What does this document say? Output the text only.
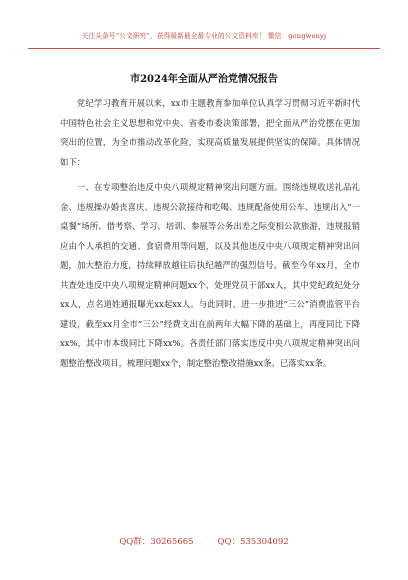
关注头条号“公文研究”，获得最新最全最专业的公文资料库！ 微信：gongwenyj
市2024年全面从严治党情况报告

党纪学习教育开展以来，xx市主题教育参加单位认真学习贯彻习近平新时代中国特色社会主义思想和党中央、省委市委决策部署，把全面从严治党摆在更加突出的位置，为全市推动改革化险，实现高质量发展提供坚实的保障。具体情况如下：

一、在专项整治违反中央八项规定精神突出问题方面。围绕违规收送礼品礼金、违规操办婚丧喜庆、违规公款接待和吃喝、违规配备使用公车、违规出入“一桌餐”场所、借考察、学习、培训、参展等公务出差之际变相公款旅游，违规报销应由个人承担的交通、食宿费用等问题，以及其他违反中央八项规定精神突出问题，加大整治力度，持续释放越往后执纪越严的强烈信号。截至今年xx月，全市共查处违反中央八项规定精神问题xx个，处理党员干部xx人，其中党纪政纪处分xx人，点名道姓通报曝光xx起xx人。与此同时，进一步推进“三公”消费监管平台建设，截至xx月全市“三公”经费支出在前两年大幅下降的基础上，再度同比下降xx%，其中市本级同比下降xx%。各责任部门落实违反中央八项规定精神突出问题整治整改项目，梳理问题xx个，制定整治整改措施xx条、已落实xx条。

QQ群：30265665	QQ：535304092
